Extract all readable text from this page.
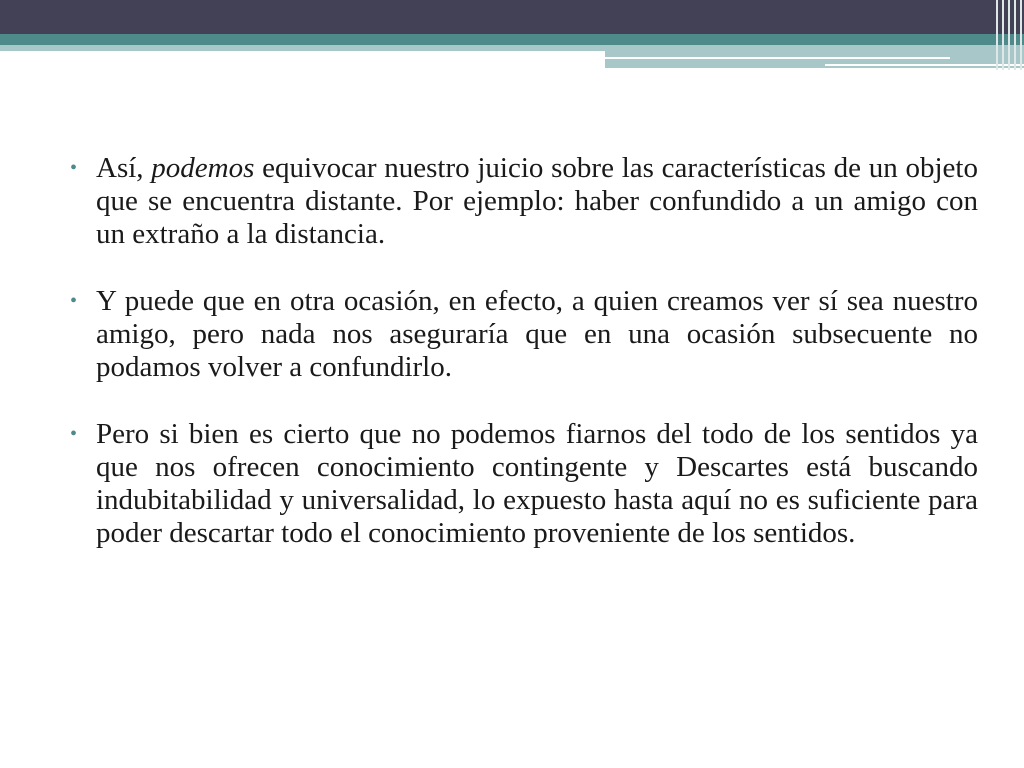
• Así, podemos equivocar nuestro juicio sobre las características de un objeto que se encuentra distante. Por ejemplo: haber confundido a un amigo con un extraño a la distancia.
• Y puede que en otra ocasión, en efecto, a quien creamos ver sí sea nuestro amigo, pero nada nos aseguraría que en una ocasión subsecuente no podamos volver a confundirlo.
• Pero si bien es cierto que no podemos fiarnos del todo de los sentidos ya que nos ofrecen conocimiento contingente y Descartes está buscando indubitabilidad y universalidad, lo expuesto hasta aquí no es suficiente para poder descartar todo el conocimiento proveniente de los sentidos.
